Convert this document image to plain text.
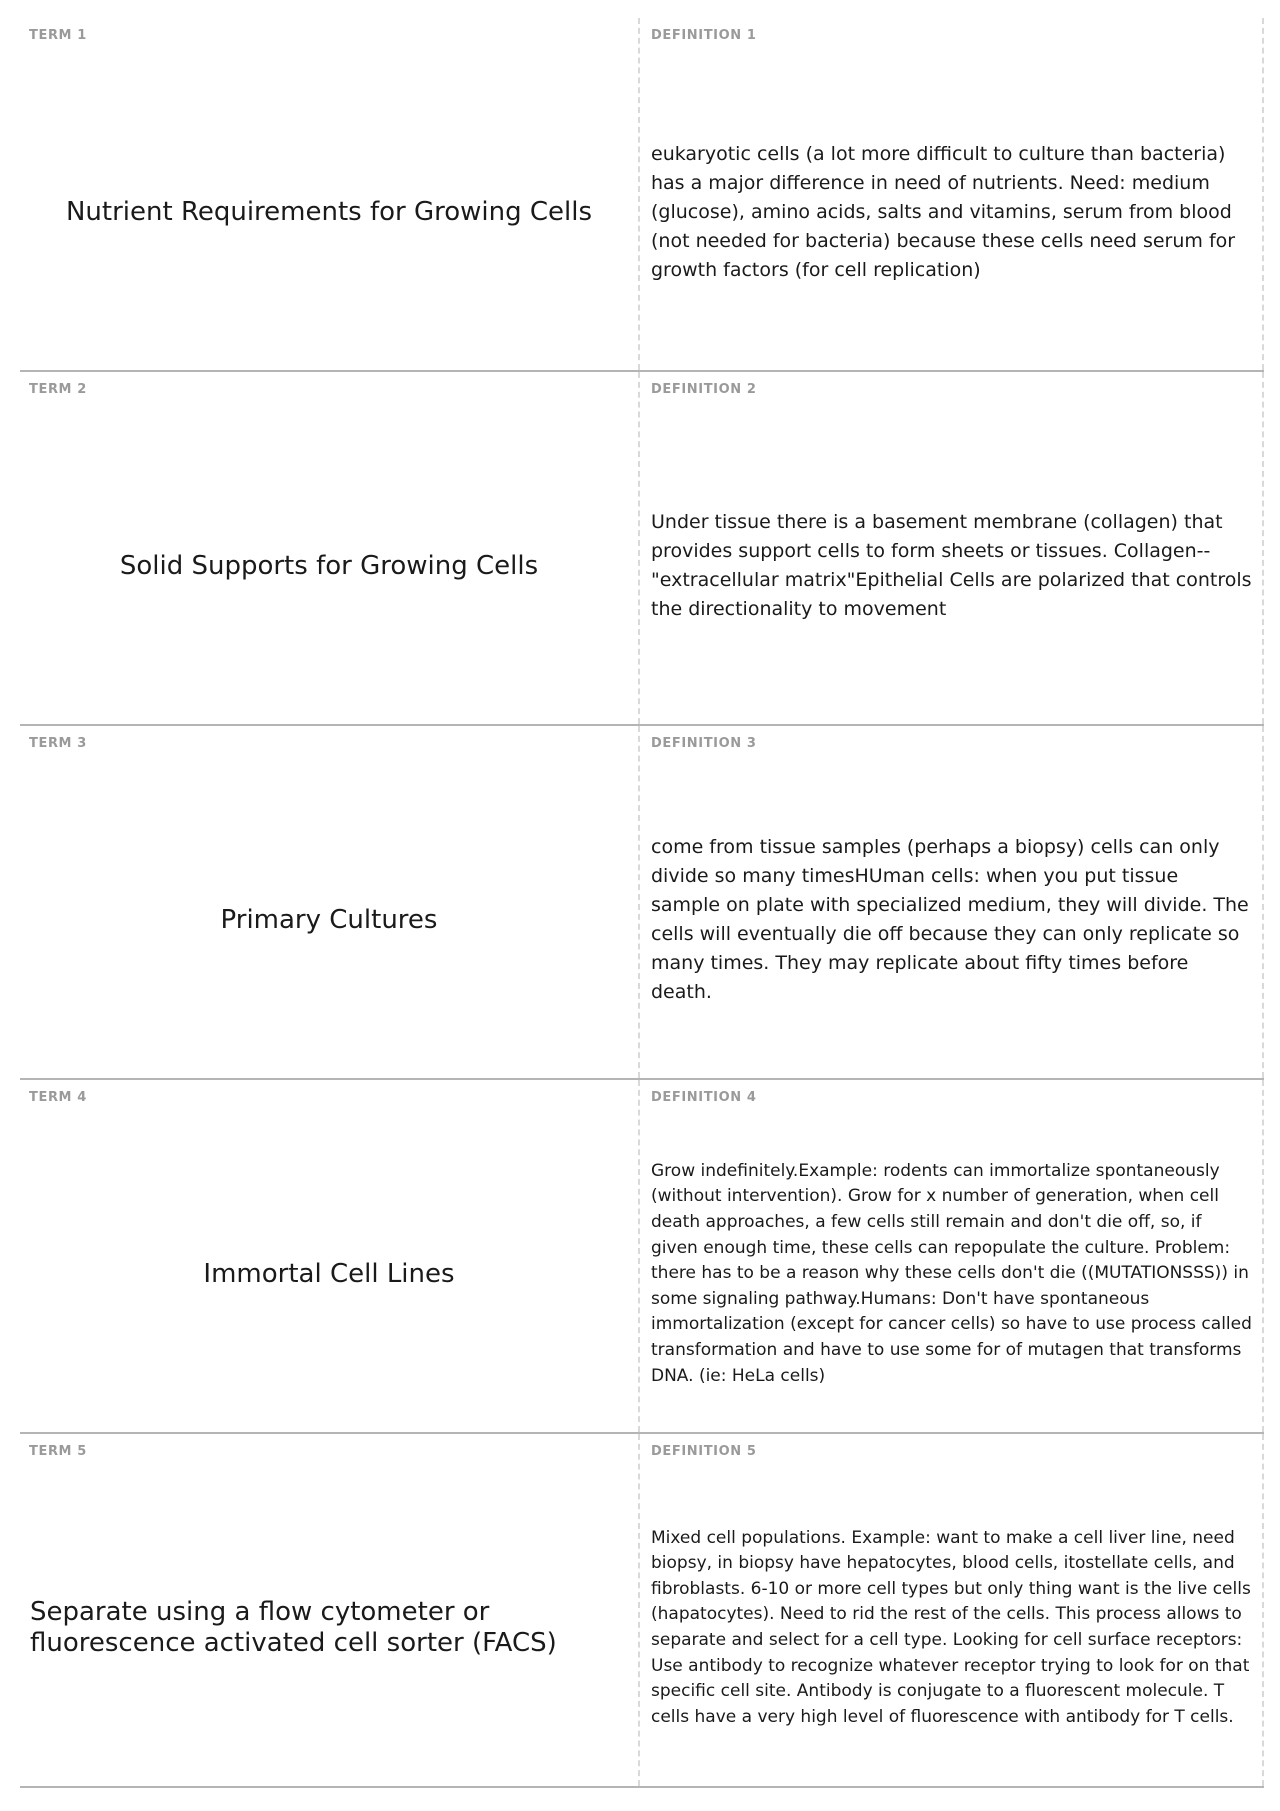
TERM 1
Nutrient Requirements for Growing Cells
DEFINITION 1
eukaryotic cells (a lot more difficult to culture than bacteria) has a major difference in need of nutrients. Need: medium (glucose), amino acids, salts and vitamins, serum from blood (not needed for bacteria) because these cells need serum for growth factors (for cell replication)
TERM 2
Solid Supports for Growing Cells
DEFINITION 2
Under tissue there is a basement membrane (collagen) that provides support cells to form sheets or tissues. Collagen--"extracellular matrix"Epithelial Cells are polarized that controls the directionality to movement
TERM 3
Primary Cultures
DEFINITION 3
come from tissue samples (perhaps a biopsy) cells can only divide so many timesHUman cells: when you put tissue sample on plate with specialized medium, they will divide. The cells will eventually die off because they can only replicate so many times. They may replicate about fifty times before death.
TERM 4
Immortal Cell Lines
DEFINITION 4
Grow indefinitely.Example: rodents can immortalize spontaneously (without intervention). Grow for x number of generation, when cell death approaches, a few cells still remain and don't die off, so, if given enough time, these cells can repopulate the culture. Problem: there has to be a reason why these cells don't die ((MUTATIONSSS)) in some signaling pathway.Humans: Don't have spontaneous immortalization (except for cancer cells) so have to use process called transformation and have to use some for of mutagen that transforms DNA. (ie: HeLa cells)
TERM 5
Separate using a flow cytometer or fluorescence activated cell sorter (FACS)
DEFINITION 5
Mixed cell populations. Example: want to make a cell liver line, need biopsy, in biopsy have hepatocytes, blood cells, itostellate cells, and fibroblasts. 6-10 or more cell types but only thing want is the live cells (hapatocytes). Need to rid the rest of the cells. This process allows to separate and select for a cell type. Looking for cell surface receptors: Use antibody to recognize whatever receptor trying to look for on that specific cell site. Antibody is conjugate to a fluorescent molecule. T cells have a very high level of fluorescence with antibody for T cells.
